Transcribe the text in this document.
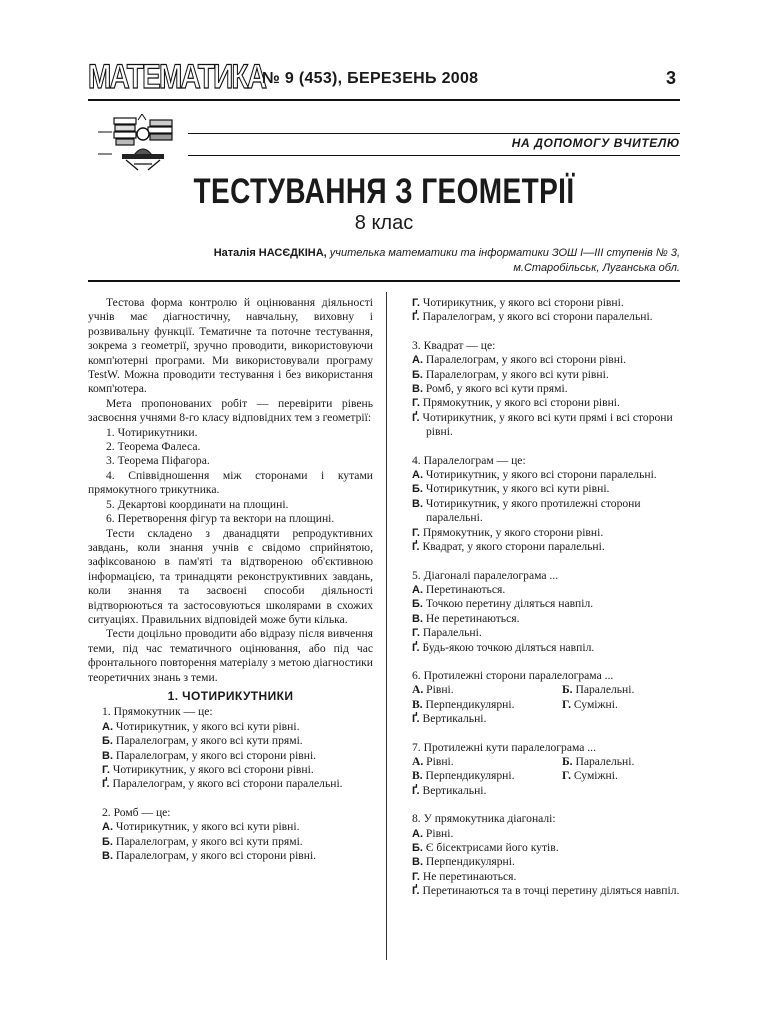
МАТЕМАТИКА
№ 9 (453), БЕРЕЗЕНЬ 2008	3
НА ДОПОМОГУ ВЧИТЕЛЮ
ТЕСТУВАННЯ З ГЕОМЕТРІЇ
8 клас
Наталія НАСЄДКІНА, учителька математики та інформатики ЗОШ І—ІІІ ступенів № 3,
м.Старобільськ, Луганська обл.

Тестова форма контролю й оцінювання діяльності учнів має діагностичну, навчальну, виховну і розвивальну функції. Тематичне та поточне тестування, зокрема з геометрії, зручно проводити, використовуючи комп'ютерні програми. Ми використовували програму TestW. Можна проводити тестування і без використання комп'ютера.

Мета пропонованих робіт — перевірити рівень засвоєння учнями 8-го класу відповідних тем з геометрії:

1. Чотирикутники.

2. Теорема Фалеса.

3. Теорема Піфагора.

4. Співвідношення між сторонами і кутами прямокутного трикутника.

5. Декартові координати на площині.

6. Перетворення фігур та вектори на площині.

Тести складено з дванадцяти репродуктивних завдань, коли знання учнів є свідомо сприйнятою, зафіксованою в пам'яті та відтвореною об'єктивною інформацією, та тринадцяти реконструктивних завдань, коли знання та засвоєні способи діяльності відтворюються та застосовуються школярами в схожих ситуаціях. Правильних відповідей може бути кілька.

Тести доцільно проводити або відразу після вивчення теми, під час тематичного оцінювання, або під час фронтального повторення матеріалу з метою діагностики теоретичних знань з теми.

1. ЧОТИРИКУТНИКИ

1. Прямокутник — це:

А. Чотирикутник, у якого всі кути рівні.

Б. Паралелограм, у якого всі кути прямі.

В. Паралелограм, у якого всі сторони рівні.

Г. Чотирикутник, у якого всі сторони рівні.

Ґ. Паралелограм, у якого всі сторони паралельні.

2. Ромб — це:

А. Чотирикутник, у якого всі кути рівні.

Б. Паралелограм, у якого всі кути прямі.

В. Паралелограм, у якого всі сторони рівні.

Г. Чотирикутник, у якого всі сторони рівні.

Ґ. Паралелограм, у якого всі сторони паралельні.

3. Квадрат — це:

А. Паралелограм, у якого всі сторони рівні.

Б. Паралелограм, у якого всі кути рівні.

В. Ромб, у якого всі кути прямі.

Г. Прямокутник, у якого всі сторони рівні.

Ґ. Чотирикутник, у якого всі кути прямі і всі сторони рівні.

4. Паралелограм — це:

А. Чотирикутник, у якого всі сторони паралельні.

Б. Чотирикутник, у якого всі кути рівні.

В. Чотирикутник, у якого протилежні сторони паралельні.

Г. Прямокутник, у якого сторони рівні.

Ґ. Квадрат, у якого сторони паралельні.

5. Діагоналі паралелограма ...

А. Перетинаються.

Б. Точкою перетину діляться навпіл.

В. Не перетинаються.

Г. Паралельні.

Ґ. Будь-якою точкою діляться навпіл.

6. Протилежні сторони паралелограма ...

А. Рівні.	Б. Паралельні.
В. Перпендикулярні.	Г. Суміжні.

Ґ. Вертикальні.

7. Протилежні кути паралелограма ...

А. Рівні.	Б. Паралельні.
В. Перпендикулярні.	Г. Суміжні.

Ґ. Вертикальні.

8. У прямокутника діагоналі:

А. Рівні.

Б. Є бісектрисами його кутів.

В. Перпендикулярні.

Г. Не перетинаються.

Ґ. Перетинаються та в точці перетину діляться навпіл.
